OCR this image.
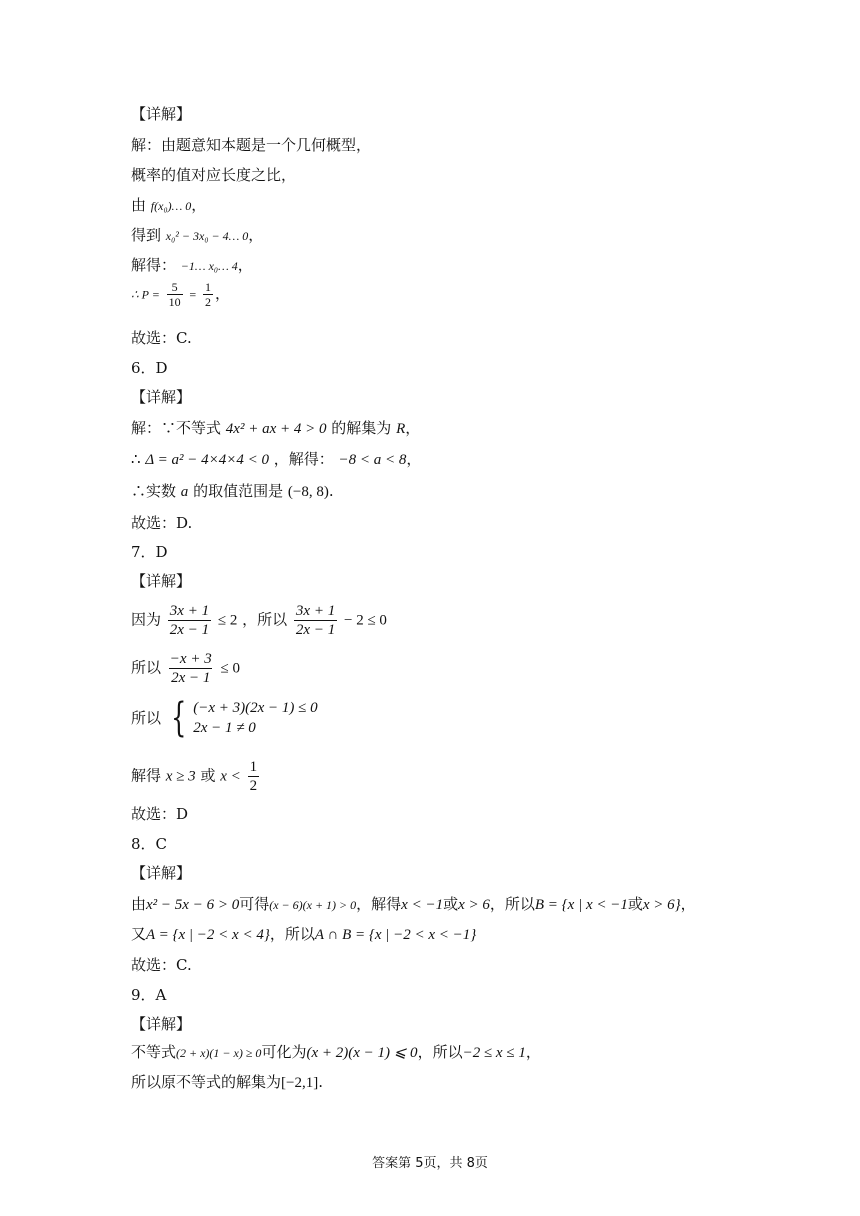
【详解】
解：由题意知本题是一个几何概型，
概率的值对应长度之比，
由 f(x₀)… 0，
得到 x₀² − 3x₀ − 4… 0，
解得： −1… x₀… 4，
∴ $P = \frac{5}{10} = \frac{1}{2}$ ，
故选：C.
6．D
【详解】
解：∵不等式 4x² + ax + 4 > 0 的解集为 R，
∴ Δ = a² − 4×4×4 < 0 ，解得： −8 < a < 8，
∴实数 a 的取值范围是 (−8, 8).
故选：D.
7．D
【详解】
因为 $\frac{3x + 1}{2x - 1} \le 2$ ，所以 $\frac{3x + 1}{2x - 1} - 2 \le 0$
所以 $\frac{-x + 3}{2x - 1} \le 0$
所以 { (−x + 3)(2x − 1) ≤ 0
2x − 1 ≠ 0
解得 x ≥ 3 或 $x < \frac{1}{2}$
故选：D
8．C
【详解】
由x² − 5x − 6 > 0可得(x − 6)(x + 1) > 0，解得x < −1或x > 6，所以B = {x | x < −1或x > 6}，
又A = {x | −2 < x < 4}，所以A ∩ B = {x | −2 < x < −1}
故选：C.
9．A
【详解】
不等式(2 + x)(1 − x) ≥ 0可化为(x + 2)(x − 1) ⩽ 0，所以−2 ≤ x ≤ 1，
所以原不等式的解集为[−2,1].
答案第 5页，共 8页
